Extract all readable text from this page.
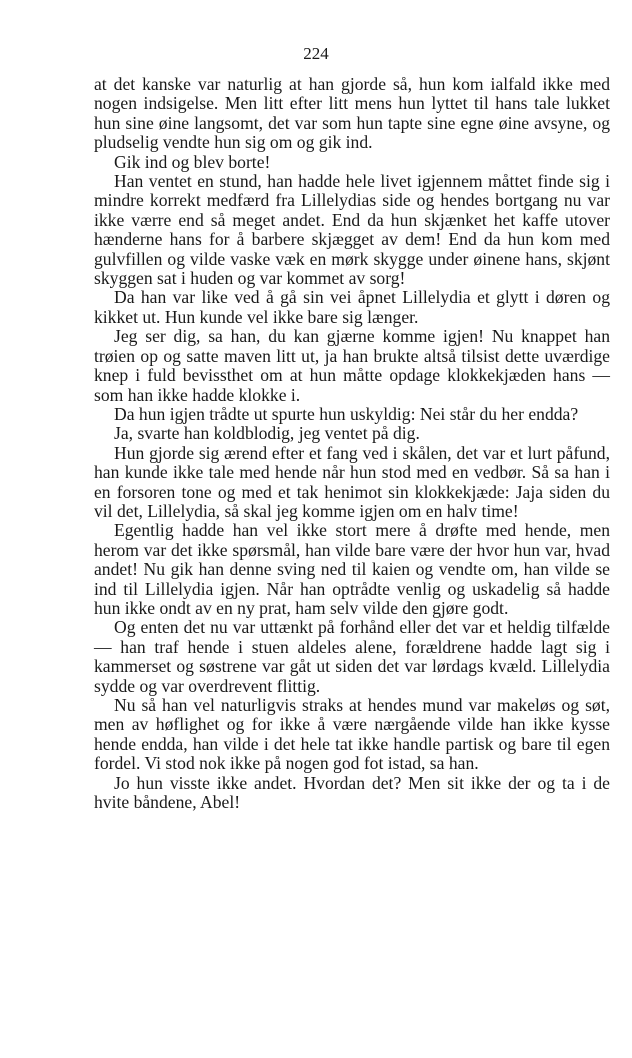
224

at det kanske var naturlig at han gjorde så, hun kom ialfald ikke med nogen indsigelse. Men litt efter litt mens hun lyttet til hans tale lukket hun sine øine langsomt, det var som hun tapte sine egne øine avsyne, og pludselig vendte hun sig om og gik ind.

Gik ind og blev borte!

Han ventet en stund, han hadde hele livet igjennem måttet finde sig i mindre korrekt medfærd fra Lillelydias side og hendes bortgang nu var ikke værre end så meget andet. End da hun skjænket het kaffe utover hænderne hans for å barbere skjægget av dem! End da hun kom med gulvfillen og vilde vaske væk en mørk skygge under øinene hans, skjønt skyggen sat i huden og var kommet av sorg!

Da han var like ved å gå sin vei åpnet Lillelydia et glytt i døren og kikket ut. Hun kunde vel ikke bare sig længer.

Jeg ser dig, sa han, du kan gjærne komme igjen! Nu knappet han trøien op og satte maven litt ut, ja han brukte altså tilsist dette uværdige knep i fuld bevissthet om at hun måtte opdage klokkekjæden hans — som han ikke hadde klokke i.

Da hun igjen trådte ut spurte hun uskyldig: Nei står du her endda?

Ja, svarte han koldblodig, jeg ventet på dig.

Hun gjorde sig ærend efter et fang ved i skålen, det var et lurt påfund, han kunde ikke tale med hende når hun stod med en vedbør. Så sa han i en forsoren tone og med et tak henimot sin klokkekjæde: Jaja siden du vil det, Lillelydia, så skal jeg komme igjen om en halv time!

Egentlig hadde han vel ikke stort mere å drøfte med hende, men herom var det ikke spørsmål, han vilde bare være der hvor hun var, hvad andet! Nu gik han denne sving ned til kaien og vendte om, han vilde se ind til Lillelydia igjen. Når han optrådte venlig og uskadelig så hadde hun ikke ondt av en ny prat, ham selv vilde den gjøre godt.

Og enten det nu var uttænkt på forhånd eller det var et heldig tilfælde — han traf hende i stuen aldeles alene, forældrene hadde lagt sig i kammerset og søstrene var gåt ut siden det var lørdags kvæld. Lillelydia sydde og var overdrevent flittig.

Nu så han vel naturligvis straks at hendes mund var makeløs og søt, men av høflighet og for ikke å være nærgående vilde han ikke kysse hende endda, han vilde i det hele tat ikke handle partisk og bare til egen fordel. Vi stod nok ikke på nogen god fot istad, sa han.

Jo hun visste ikke andet. Hvordan det? Men sit ikke der og ta i de hvite båndene, Abel!
